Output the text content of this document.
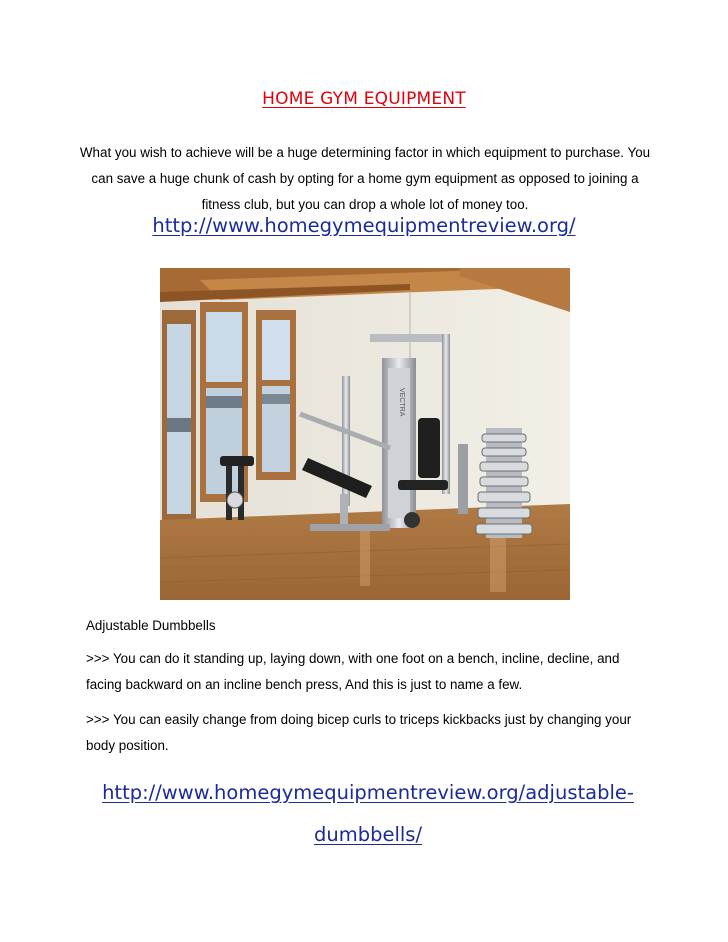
HOME GYM EQUIPMENT
What you wish to achieve will be a huge determining factor in which equipment to purchase. You can save a huge chunk of cash by opting for a home gym equipment as opposed to joining a fitness club, but you can drop a whole lot of money too.
http://www.homegymequipmentreview.org/
VECTRA
Adjustable Dumbbells
>>> You can do it standing up, laying down, with one foot on a bench, incline, decline, and facing backward on an incline bench press, And this is just to name a few.
>>> You can easily change from doing bicep curls to triceps kickbacks just by changing your body position.
http://www.homegymequipmentreview.org/adjustable-dumbbells/
